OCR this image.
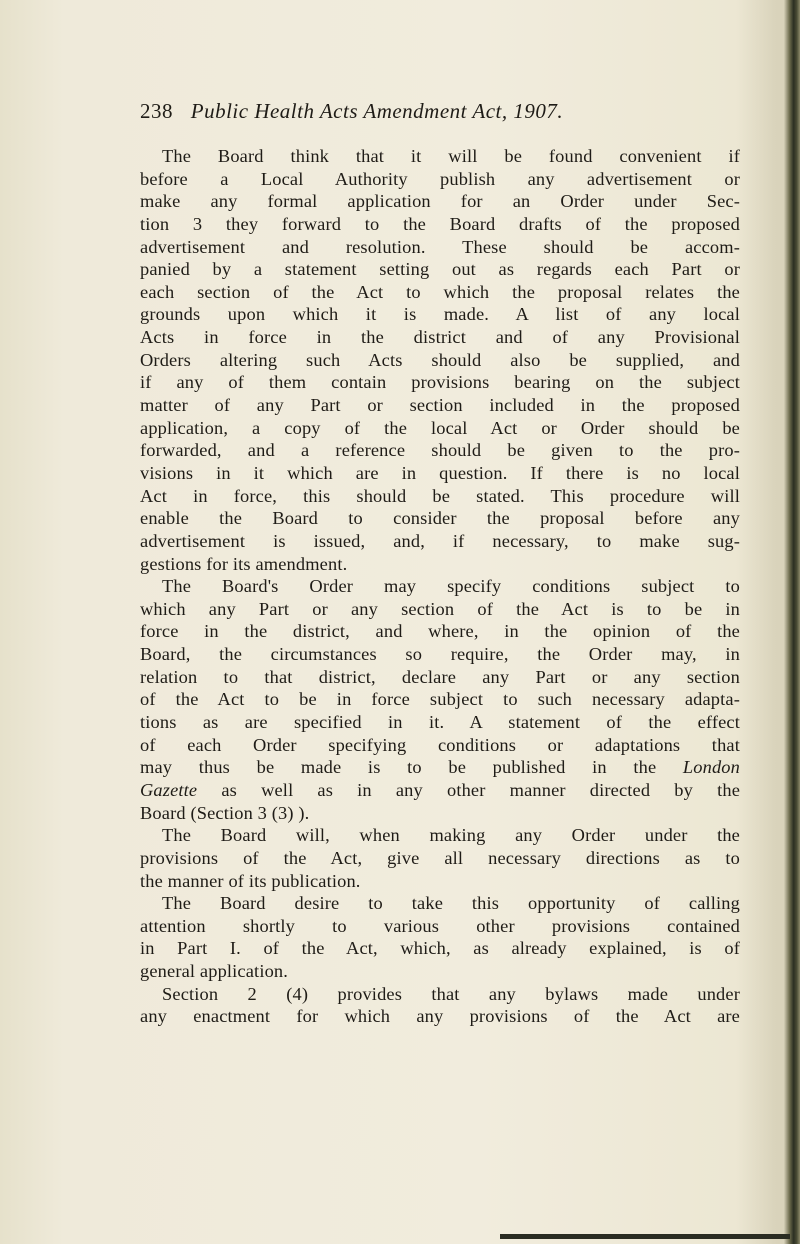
238 Public Health Acts Amendment Act, 1907.
The Board think that it will be found convenient if
before a Local Authority publish any advertisement or
make any formal application for an Order under Sec-
tion 3 they forward to the Board drafts of the proposed
advertisement and resolution. These should be accom-
panied by a statement setting out as regards each Part or
each section of the Act to which the proposal relates the
grounds upon which it is made. A list of any local
Acts in force in the district and of any Provisional
Orders altering such Acts should also be supplied, and
if any of them contain provisions bearing on the subject
matter of any Part or section included in the proposed
application, a copy of the local Act or Order should be
forwarded, and a reference should be given to the pro-
visions in it which are in question. If there is no local
Act in force, this should be stated. This procedure will
enable the Board to consider the proposal before any
advertisement is issued, and, if necessary, to make sug-
gestions for its amendment.
The Board's Order may specify conditions subject to
which any Part or any section of the Act is to be in
force in the district, and where, in the opinion of the
Board, the circumstances so require, the Order may, in
relation to that district, declare any Part or any section
of the Act to be in force subject to such necessary adapta-
tions as are specified in it. A statement of the effect
of each Order specifying conditions or adaptations that
may thus be made is to be published in the London
Gazette as well as in any other manner directed by the
Board (Section 3 (3) ).
The Board will, when making any Order under the
provisions of the Act, give all necessary directions as to
the manner of its publication.
The Board desire to take this opportunity of calling
attention shortly to various other provisions contained
in Part I. of the Act, which, as already explained, is of
general application.
Section 2 (4) provides that any bylaws made under
any enactment for which any provisions of the Act are
